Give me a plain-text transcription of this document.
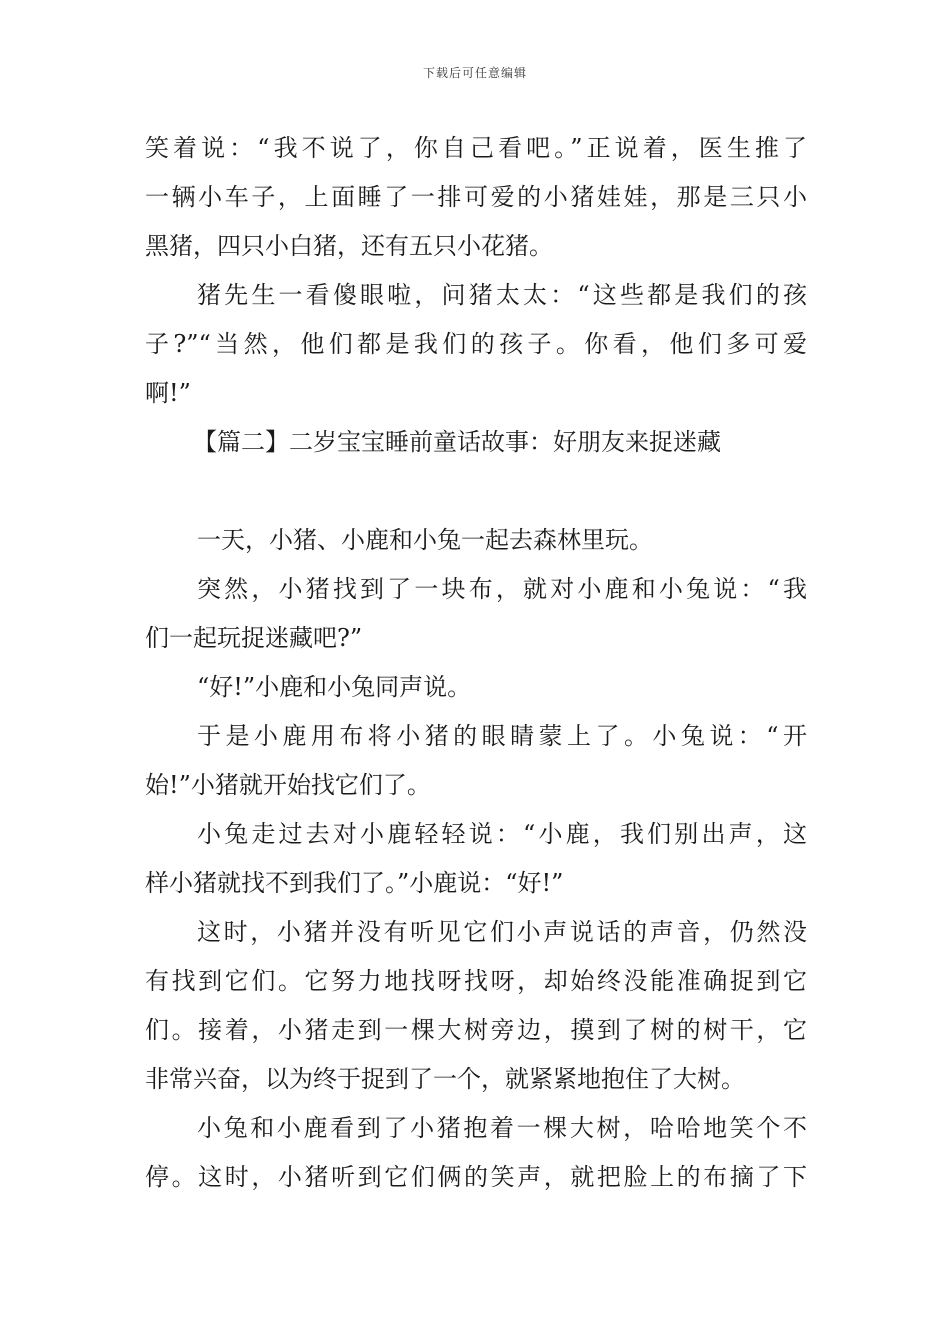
下载后可任意编辑
笑着说：“我不说了，你自己看吧。”正说着，医生推了
一辆小车子，上面睡了一排可爱的小猪娃娃，那是三只小
黑猪，四只小白猪，还有五只小花猪。
猪先生一看傻眼啦，问猪太太：“这些都是我们的孩
子?”“当然，他们都是我们的孩子。你看，他们多可爱
啊!”
【篇二】二岁宝宝睡前童话故事：好朋友来捉迷藏
一天，小猪、小鹿和小兔一起去森林里玩。
突然，小猪找到了一块布，就对小鹿和小兔说：“我
们一起玩捉迷藏吧?”
“好!”小鹿和小兔同声说。
于是小鹿用布将小猪的眼睛蒙上了。小兔说：“开
始!”小猪就开始找它们了。
小兔走过去对小鹿轻轻说：“小鹿，我们别出声，这
样小猪就找不到我们了。”小鹿说：“好!”
这时，小猪并没有听见它们小声说话的声音，仍然没
有找到它们。它努力地找呀找呀，却始终没能准确捉到它
们。接着，小猪走到一棵大树旁边，摸到了树的树干，它
非常兴奋，以为终于捉到了一个，就紧紧地抱住了大树。
小兔和小鹿看到了小猪抱着一棵大树，哈哈地笑个不
停。这时，小猪听到它们俩的笑声，就把脸上的布摘了下
